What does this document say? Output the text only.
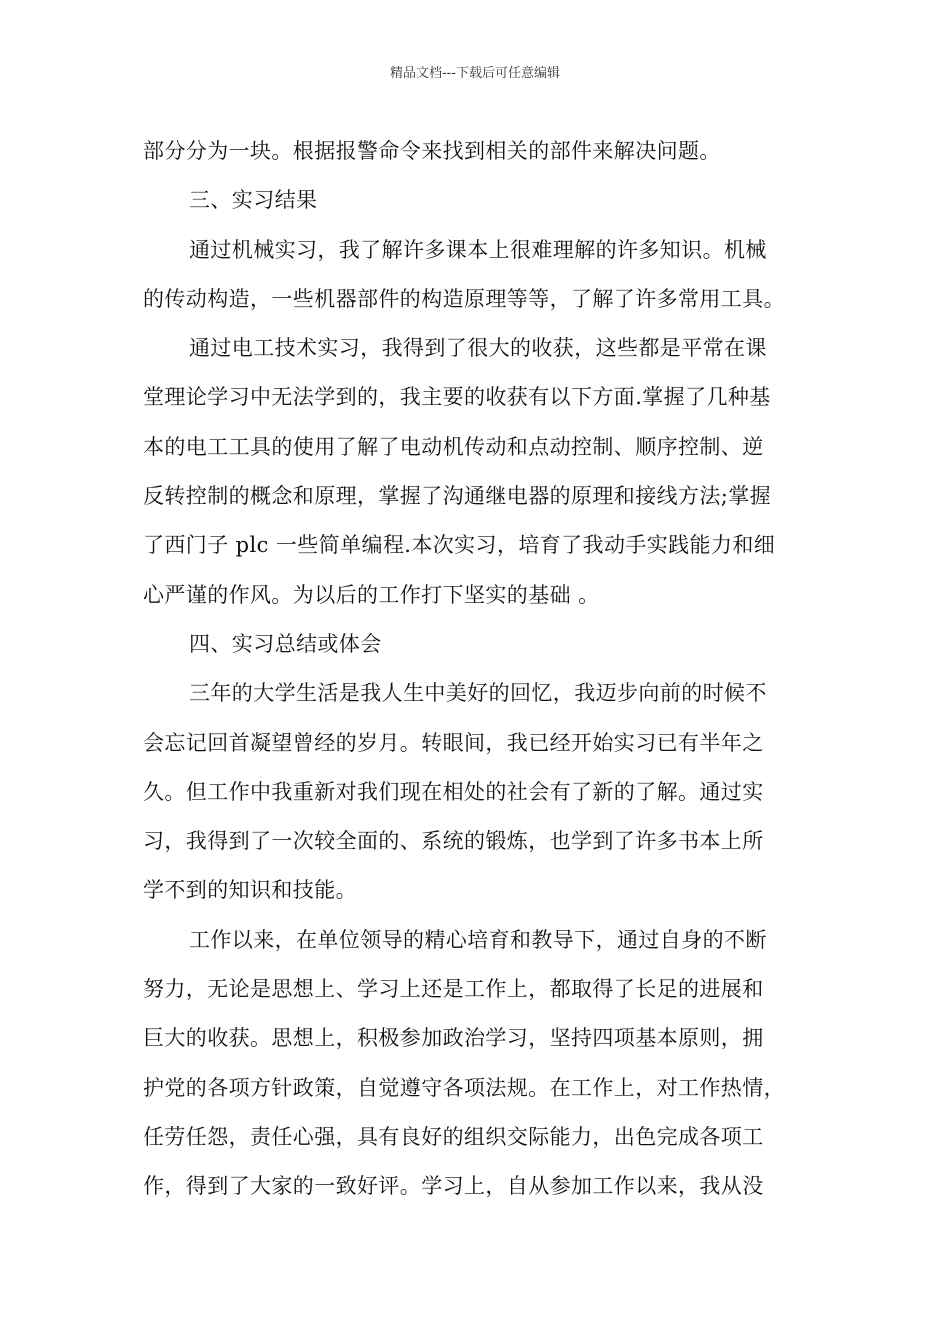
精品文档---下载后可任意编辑
部分分为一块。根据报警命令来找到相关的部件来解决问题。
三、实习结果
通过机械实习，我了解许多课本上很难理解的许多知识。机械
的传动构造，一些机器部件的构造原理等等，了解了许多常用工具。
通过电工技术实习，我得到了很大的收获，这些都是平常在课
堂理论学习中无法学到的，我主要的收获有以下方面.掌握了几种基
本的电工工具的使用了解了电动机传动和点动控制、顺序控制、逆
反转控制的概念和原理，掌握了沟通继电器的原理和接线方法;掌握
了西门子 plc 一些简单编程.本次实习，培育了我动手实践能力和细
心严谨的作风。为以后的工作打下坚实的基础 。
四、实习总结或体会
三年的大学生活是我人生中美好的回忆，我迈步向前的时候不
会忘记回首凝望曾经的岁月。转眼间，我已经开始实习已有半年之
久。但工作中我重新对我们现在相处的社会有了新的了解。通过实
习，我得到了一次较全面的、系统的锻炼，也学到了许多书本上所
学不到的知识和技能。
工作以来，在单位领导的精心培育和教导下，通过自身的不断
努力，无论是思想上、学习上还是工作上，都取得了长足的进展和
巨大的收获。思想上，积极参加政治学习，坚持四项基本原则，拥
护党的各项方针政策，自觉遵守各项法规。在工作上，对工作热情，
任劳任怨，责任心强，具有良好的组织交际能力，出色完成各项工
作，得到了大家的一致好评。学习上，自从参加工作以来，我从没
